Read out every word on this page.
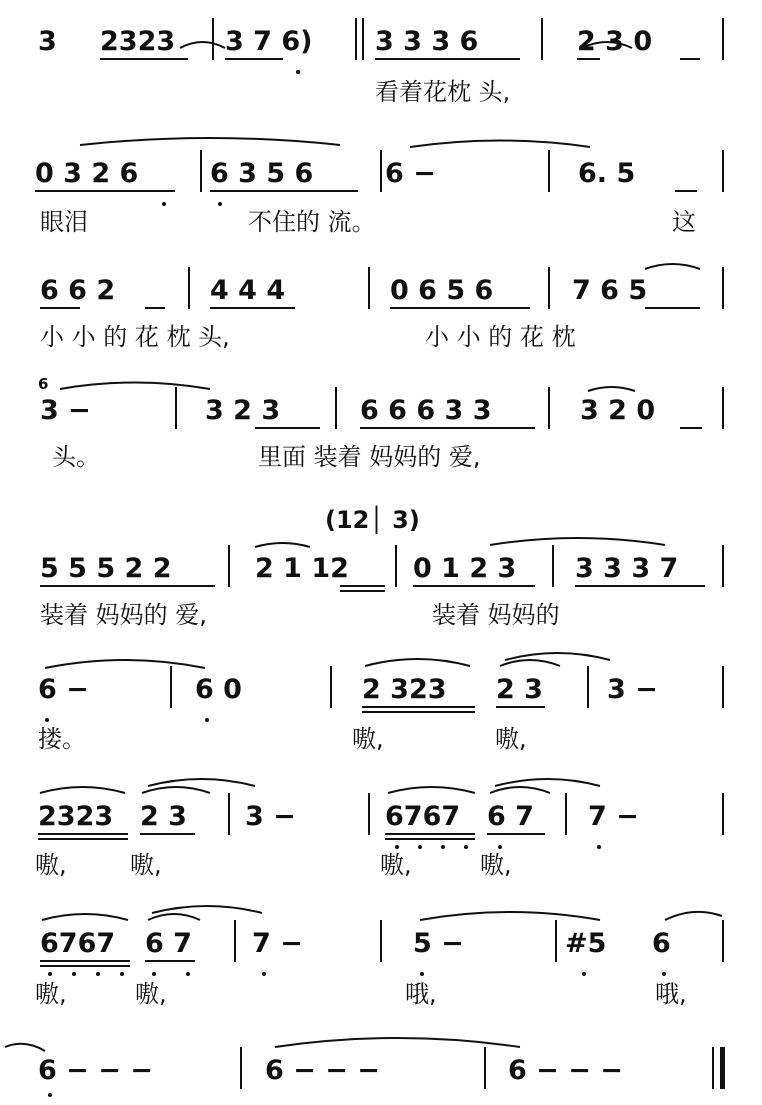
3 2323 3 7 6) 3 3 3 6	2 3 0
看着花枕 头,
0 3 2 6	6 3 5 6	6 −	6. 5
眼泪	不住的 流。	这
6 6 2	4 4 4	0 6 5 6	7 6 5
小 小 的 花 枕 头,	小 小 的 花 枕
3 −	3 2 3	6 6 6 3 3	3 2 0
6
头。	里面 装着 妈妈的 爱,
5 5 5 2 2	2 1 12 0 1 2 3 3 3 3 7
(12│ 3)
装着 妈妈的 爱,	装着 妈妈的
6 −	6 0	2 323 2 3 3 −
搂。	嗷,	嗷,
2323 2 3 3 −	6767 6 7 7 −
嗷,	嗷,	嗷,	嗷,
6767 6 7 7 −	5 −	#5 6
嗷,	嗷,	哦,	哦,
6 − − −	6 − − −	6 − − −
